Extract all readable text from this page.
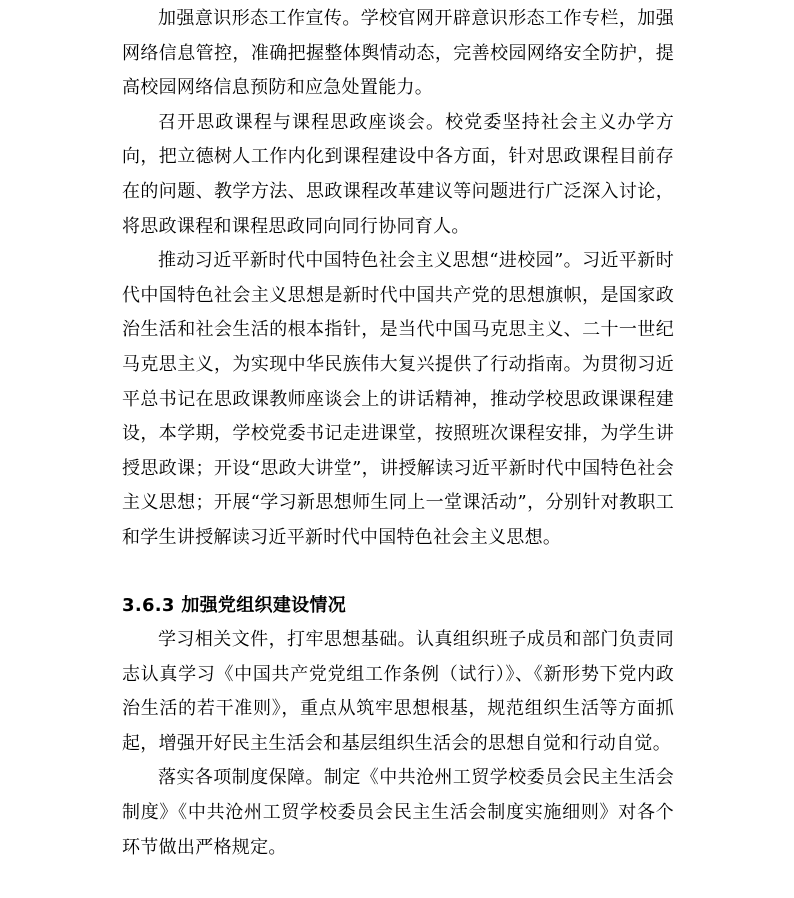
加强意识形态工作宣传。学校官网开辟意识形态工作专栏，加强网络信息管控，准确把握整体舆情动态，完善校园网络安全防护，提高校园网络信息预防和应急处置能力。

召开思政课程与课程思政座谈会。校党委坚持社会主义办学方向，把立德树人工作内化到课程建设中各方面，针对思政课程目前存在的问题、教学方法、思政课程改革建议等问题进行广泛深入讨论，将思政课程和课程思政同向同行协同育人。

推动习近平新时代中国特色社会主义思想“进校园”。习近平新时代中国特色社会主义思想是新时代中国共产党的思想旗帜，是国家政治生活和社会生活的根本指针，是当代中国马克思主义、二十一世纪马克思主义，为实现中华民族伟大复兴提供了行动指南。为贯彻习近平总书记在思政课教师座谈会上的讲话精神，推动学校思政课课程建设，本学期，学校党委书记走进课堂，按照班次课程安排，为学生讲授思政课；开设“思政大讲堂”，讲授解读习近平新时代中国特色社会主义思想；开展“学习新思想师生同上一堂课活动”，分别针对教职工和学生讲授解读习近平新时代中国特色社会主义思想。

3.6.3 加强党组织建设情况

学习相关文件，打牢思想基础。认真组织班子成员和部门负责同志认真学习《中国共产党党组工作条例（试行）》、《新形势下党内政治生活的若干准则》，重点从筑牢思想根基，规范组织生活等方面抓起，增强开好民主生活会和基层组织生活会的思想自觉和行动自觉。

落实各项制度保障。制定《中共沧州工贸学校委员会民主生活会制度》《中共沧州工贸学校委员会民主生活会制度实施细则》对各个环节做出严格规定。
